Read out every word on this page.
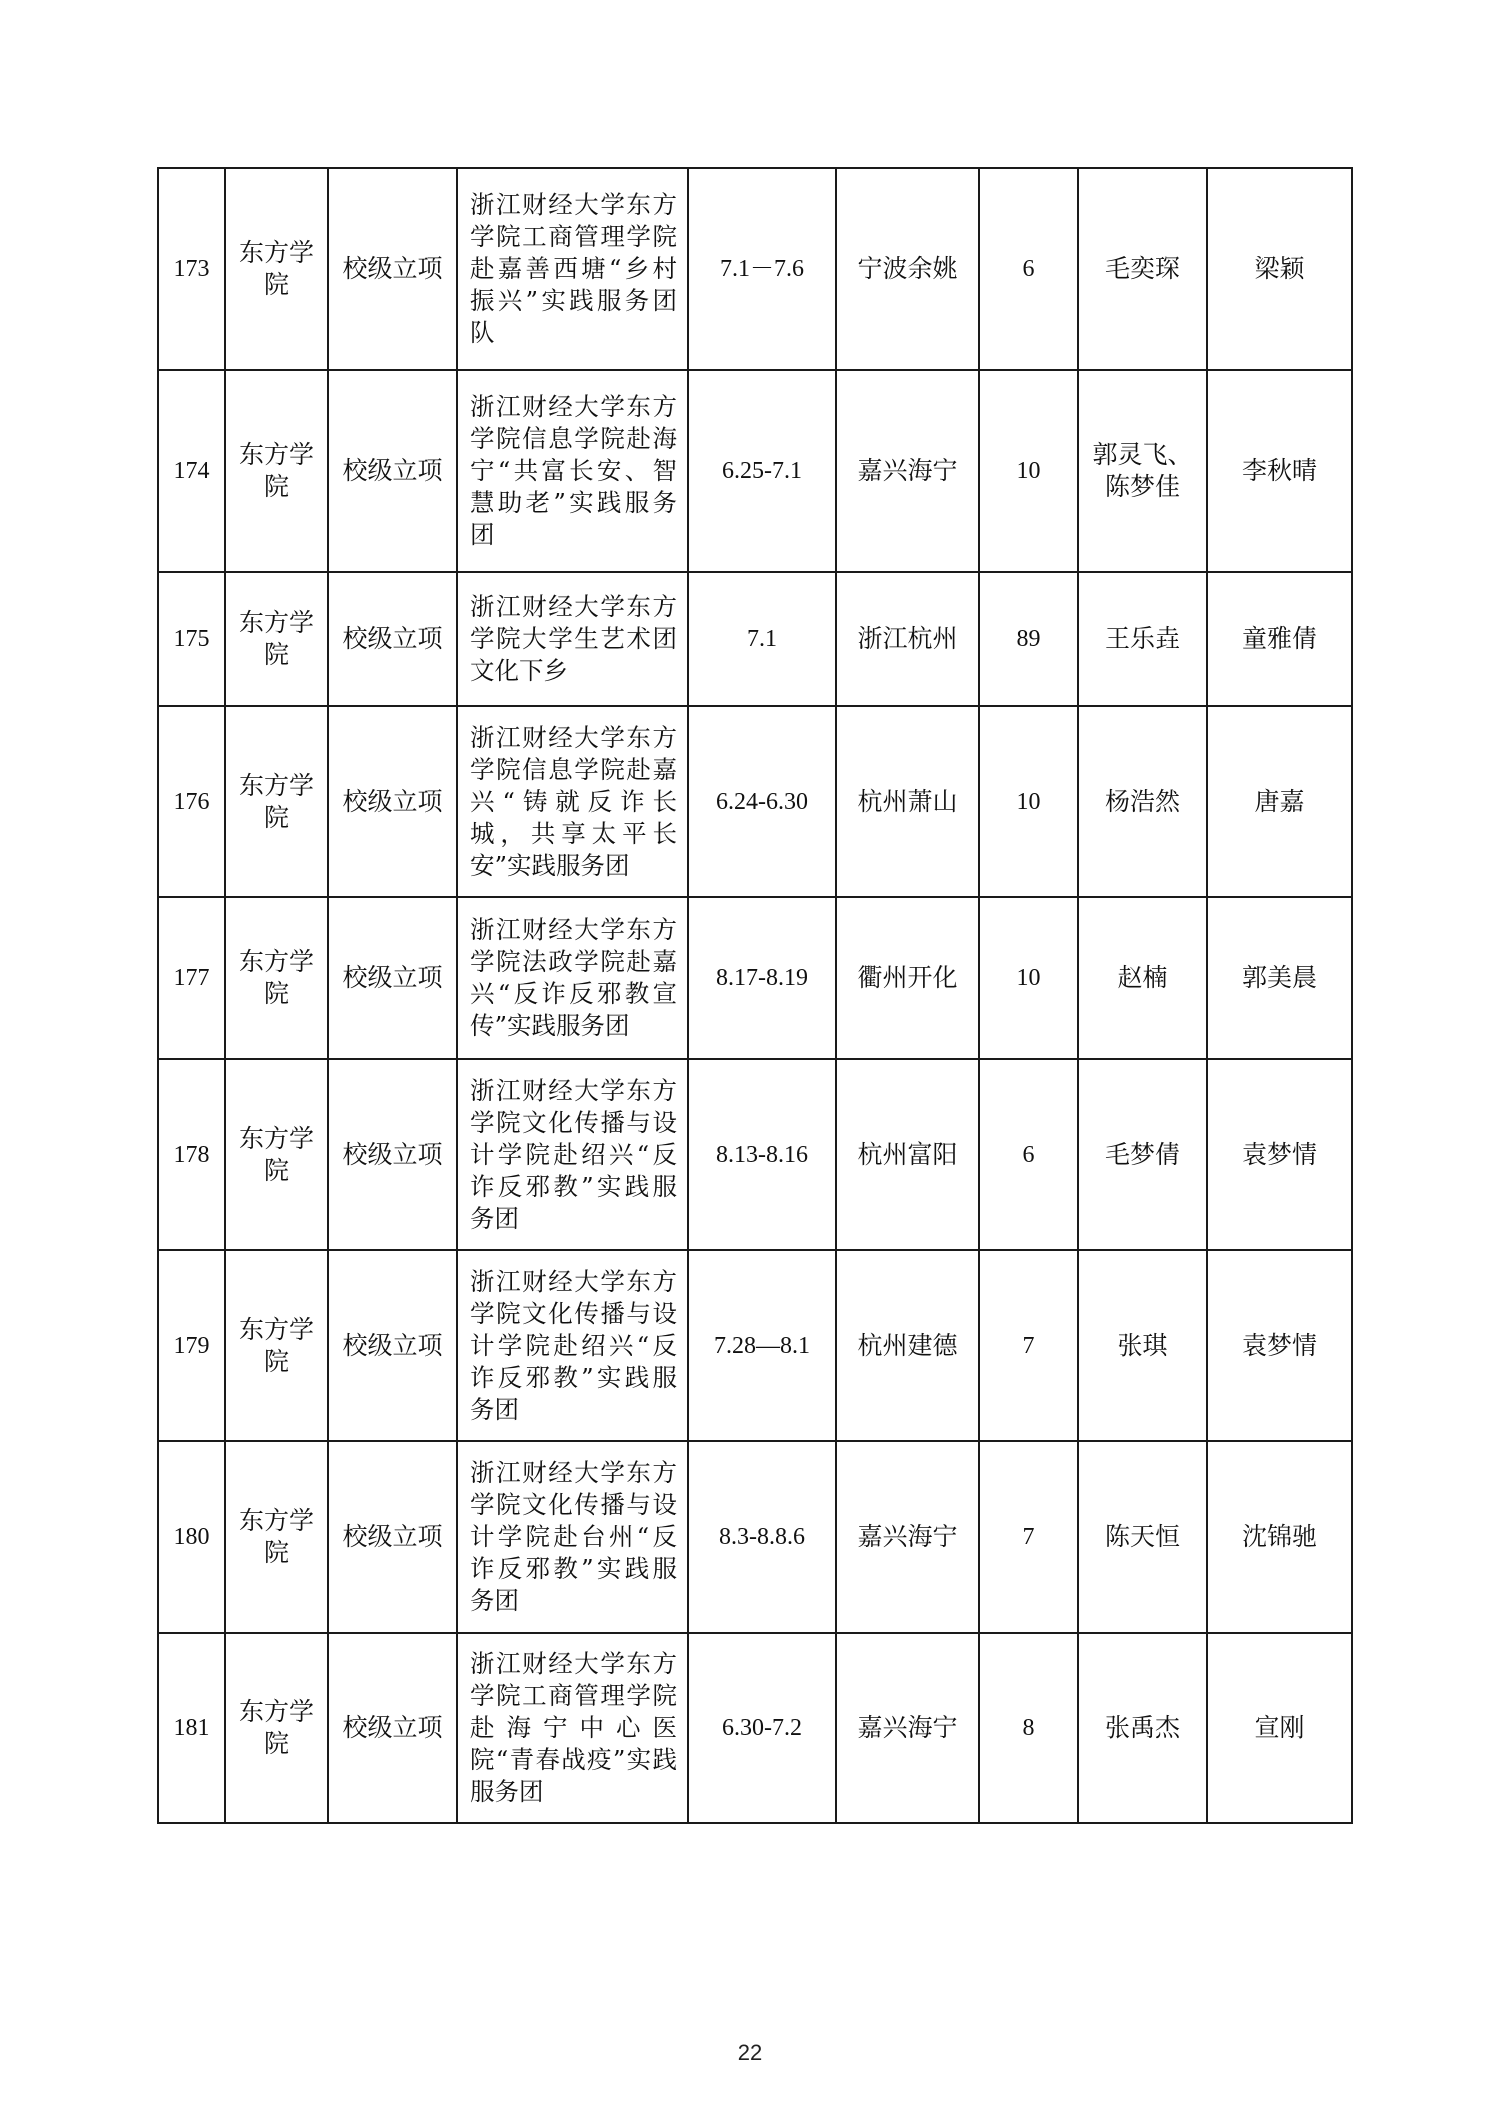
173	东方学院	校级立项	浙江财经大学东方学院工商管理学院赴嘉善西塘“乡村振兴”实践服务团队	7.1－7.6	宁波余姚	6	毛奕琛	梁颖
174	东方学院	校级立项	浙江财经大学东方学院信息学院赴海宁“共富长安、智慧助老”实践服务团	6.25-7.1	嘉兴海宁	10	郭灵飞、陈梦佳	李秋晴
175	东方学院	校级立项	浙江财经大学东方学院大学生艺术团文化下乡	7.1	浙江杭州	89	王乐垚	童雅倩
176	东方学院	校级立项	浙江财经大学东方学院信息学院赴嘉兴“铸就反诈长城，共享太平长安”实践服务团	6.24-6.30	杭州萧山	10	杨浩然	唐嘉
177	东方学院	校级立项	浙江财经大学东方学院法政学院赴嘉兴“反诈反邪教宣传”实践服务团	8.17-8.19	衢州开化	10	赵楠	郭美晨
178	东方学院	校级立项	浙江财经大学东方学院文化传播与设计学院赴绍兴“反诈反邪教”实践服务团	8.13-8.16	杭州富阳	6	毛梦倩	袁梦情
179	东方学院	校级立项	浙江财经大学东方学院文化传播与设计学院赴绍兴“反诈反邪教”实践服务团	7.28—8.1	杭州建德	7	张琪	袁梦情
180	东方学院	校级立项	浙江财经大学东方学院文化传播与设计学院赴台州“反诈反邪教”实践服务团	8.3-8.8.6	嘉兴海宁	7	陈天恒	沈锦驰
181	东方学院	校级立项	浙江财经大学东方学院工商管理学院赴海宁中心医院“青春战疫”实践服务团	6.30-7.2	嘉兴海宁	8	张禹杰	宣刚
22
